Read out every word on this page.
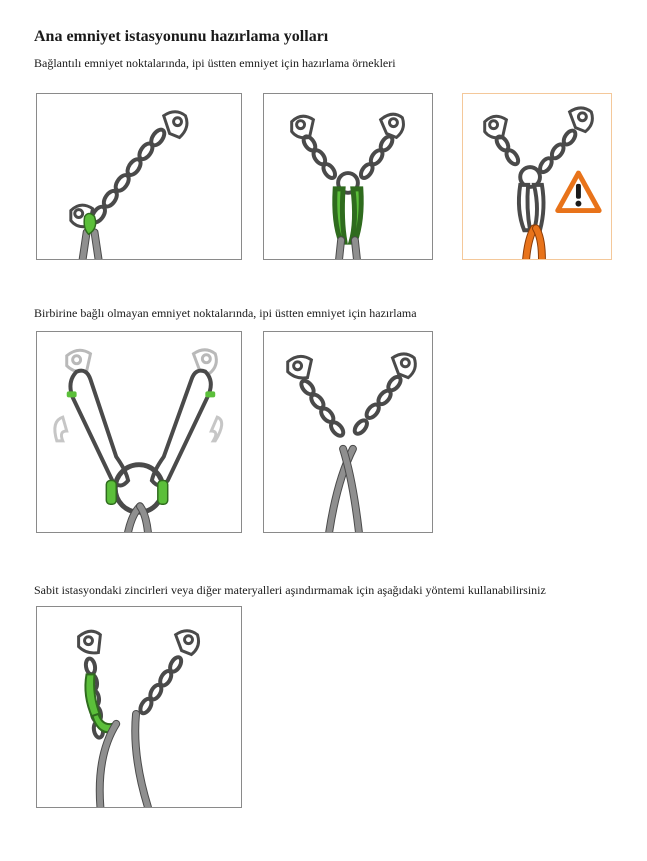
Ana emniyet istasyonunu hazırlama yolları

Bağlantılı emniyet noktalarında, ipi üstten emniyet için hazırlama örnekleri

Birbirine bağlı olmayan emniyet noktalarında, ipi üstten emniyet için hazırlama

Sabit istasyondaki zincirleri veya diğer materyalleri aşındırmamak için aşağıdaki yöntemi kullanabilirsiniz
